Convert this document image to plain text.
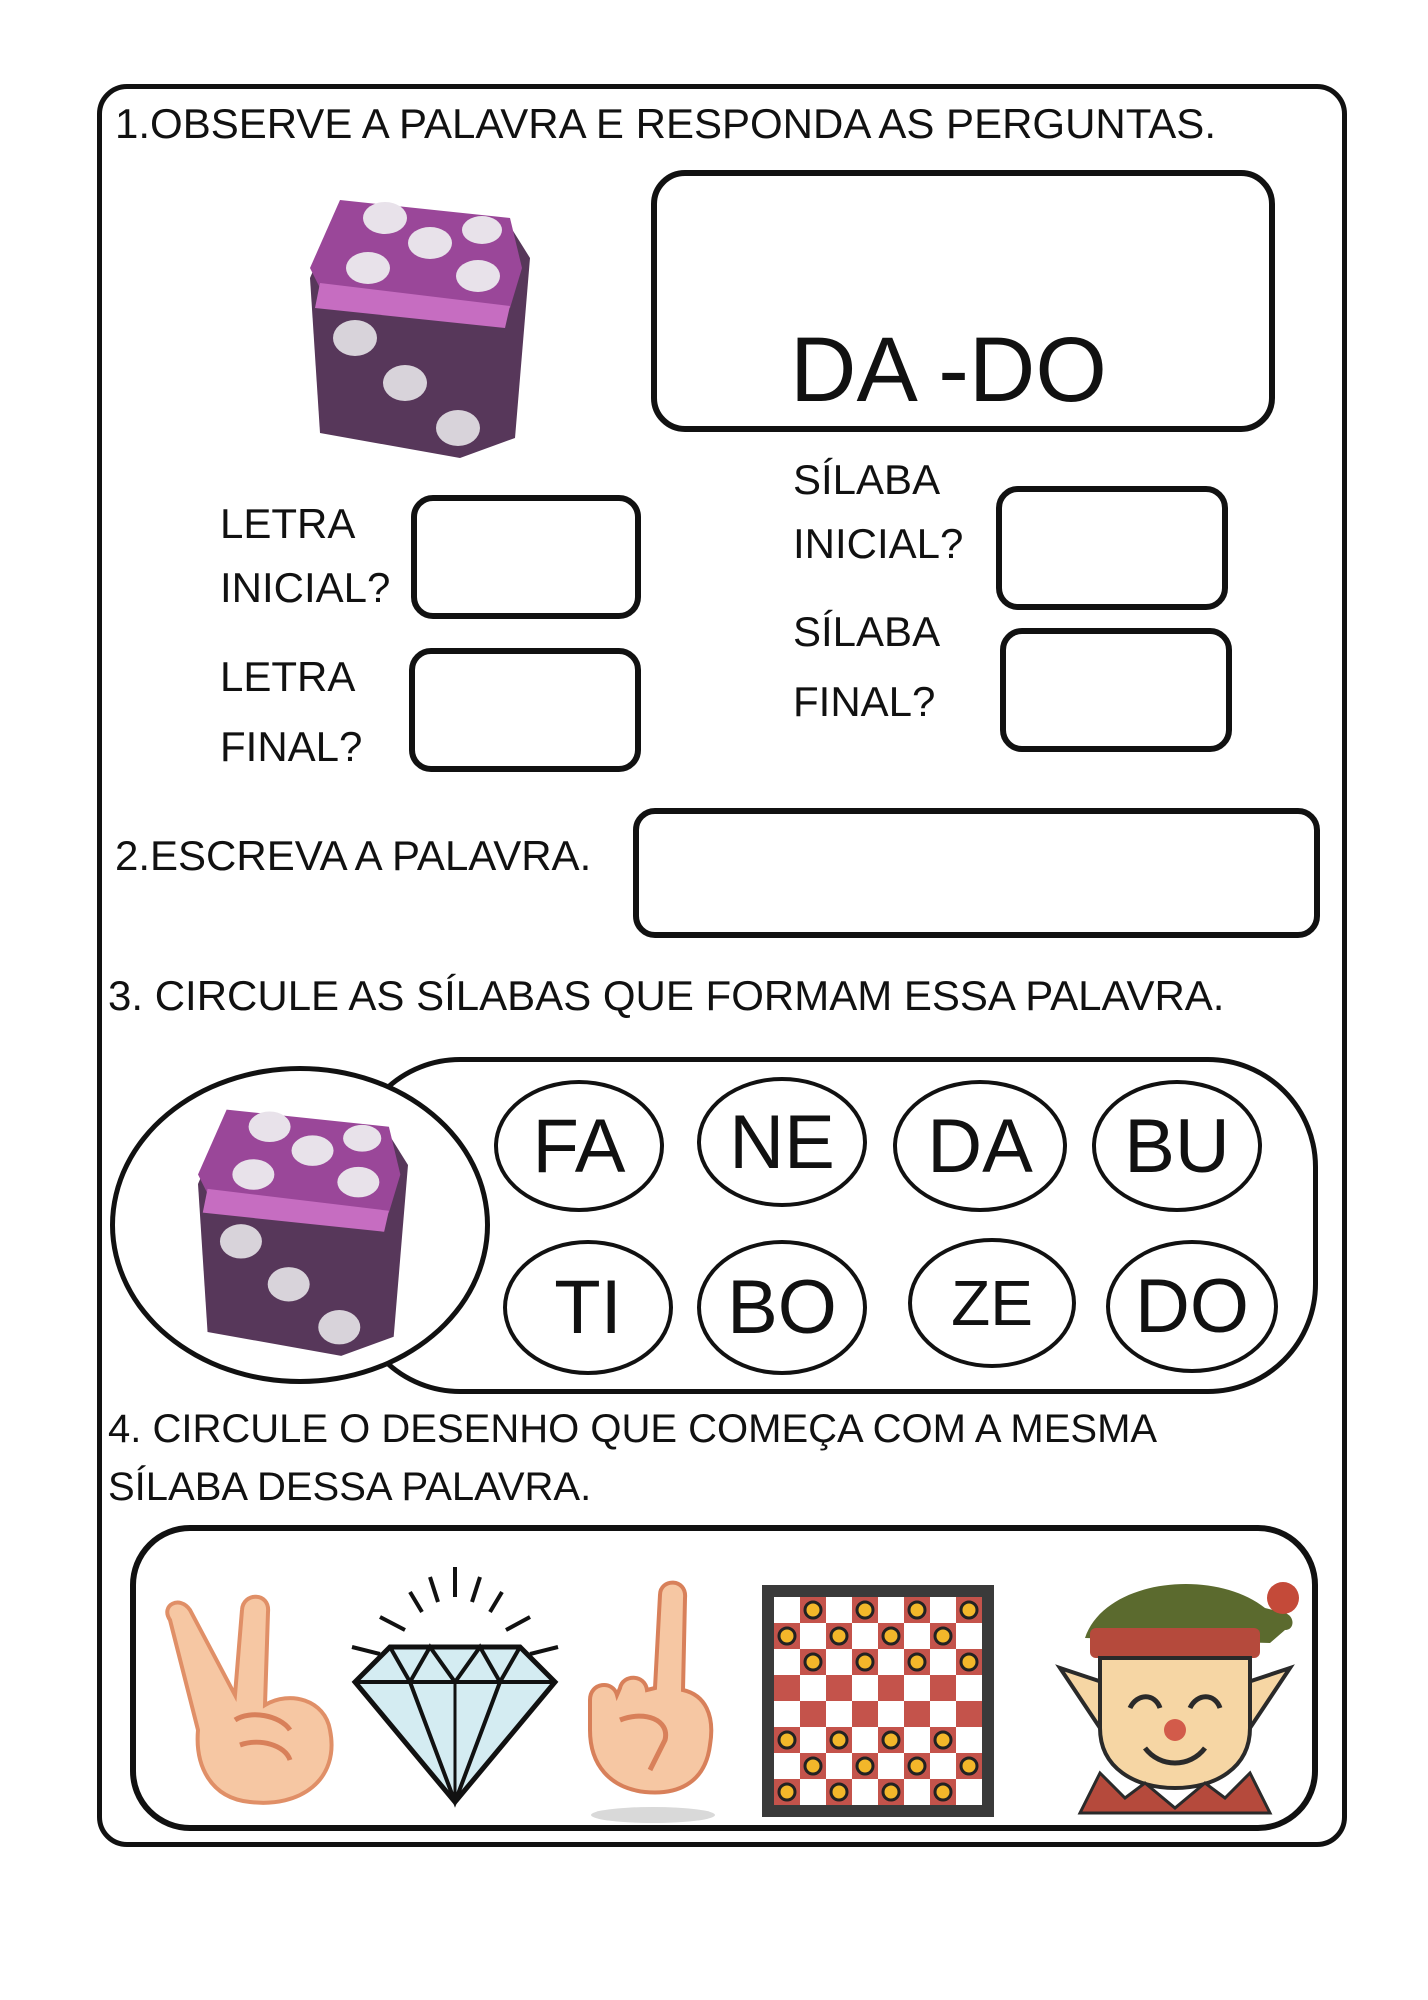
1.OBSERVE A PALAVRA E RESPONDA AS PERGUNTAS.
DA -DO
LETRA
INICIAL?
LETRA
FINAL?
SÍLABA
INICIAL?
SÍLABA
FINAL?
2.ESCREVA A PALAVRA.
3. CIRCULE AS SÍLABAS QUE FORMAM ESSA PALAVRA.
FA	NE	DA	BU
TI	BO	ZE	DO
4. CIRCULE O DESENHO QUE COMEÇA COM A MESMA
SÍLABA DESSA PALAVRA.
